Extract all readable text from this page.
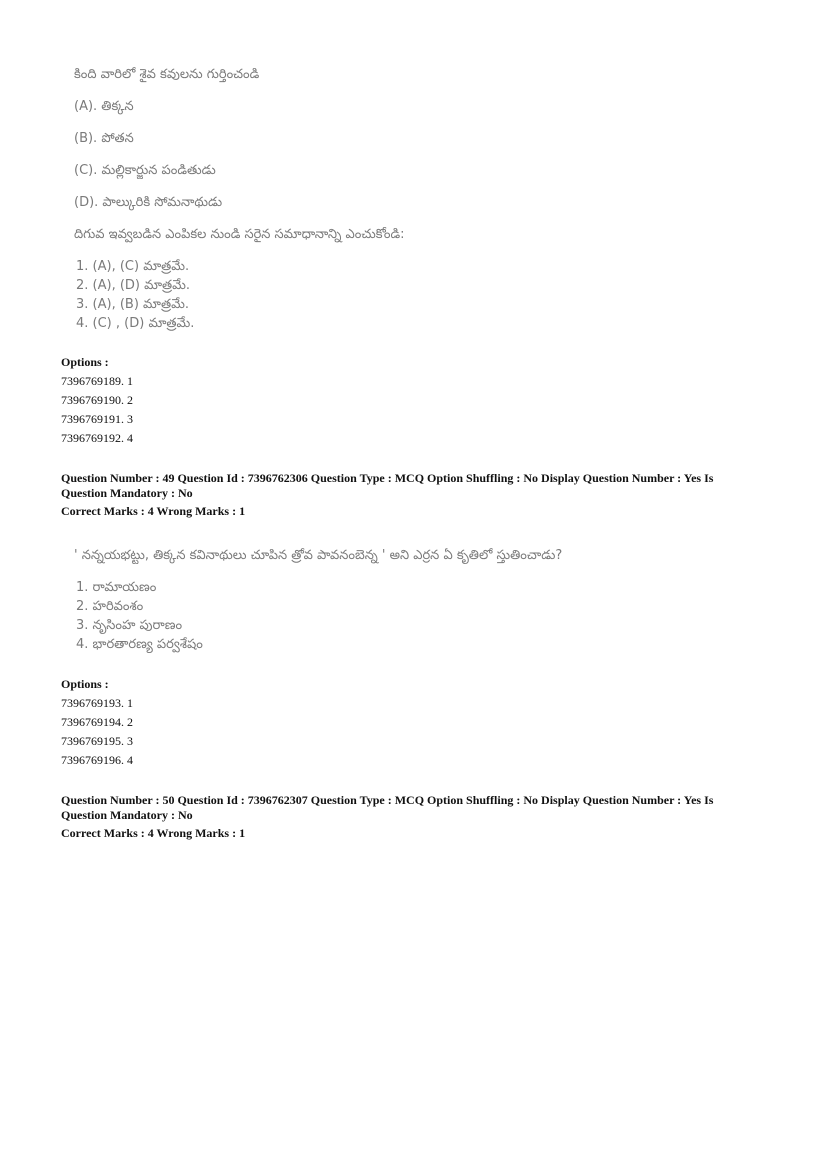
కింది వారిలో శైవ కవులను గుర్తించండి
(A). తిక్కన
(B). పోతన
(C). మల్లికార్జున పండితుడు
(D). పాల్కురికి సోమనాథుడు
దిగువ ఇవ్వబడిన ఎంపికల నుండి సరైన సమాధానాన్ని ఎంచుకోండి:
1. (A), (C) మాత్రమే.
2. (A), (D) మాత్రమే.
3. (A), (B) మాత్రమే.
4. (C) , (D) మాత్రమే.
Options :
7396769189. 1
7396769190. 2
7396769191. 3
7396769192. 4
Question Number : 49 Question Id : 7396762306 Question Type : MCQ Option Shuffling : No Display Question Number : Yes Is
Question Mandatory : No
Correct Marks : 4 Wrong Marks : 1
' నన్నయభట్టు, తిక్కన కవినాథులు చూపిన త్రోవ పావనంబెన్న ' అని ఎర్రన ఏ కృతిలో స్తుతించాడు?
1. రామాయణం
2. హరివంశం
3. నృసింహ పురాణం
4. భారతారణ్య పర్వశేషం
Options :
7396769193. 1
7396769194. 2
7396769195. 3
7396769196. 4
Question Number : 50 Question Id : 7396762307 Question Type : MCQ Option Shuffling : No Display Question Number : Yes Is
Question Mandatory : No
Correct Marks : 4 Wrong Marks : 1
